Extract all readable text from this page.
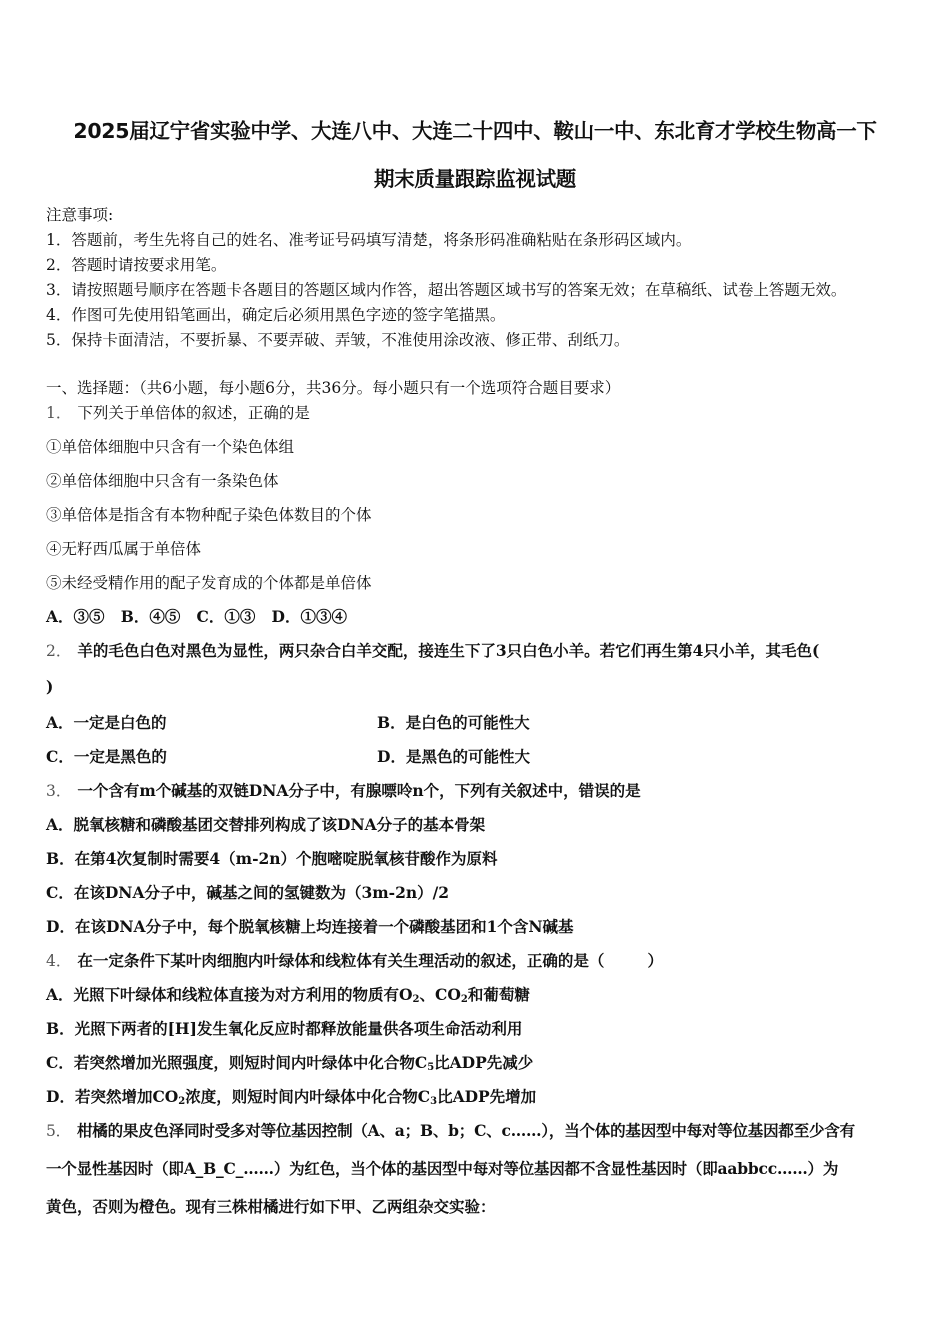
2025届辽宁省实验中学、大连八中、大连二十四中、鞍山一中、东北育才学校生物高一下
期末质量跟踪监视试题
注意事项:
1．答题前，考生先将自己的姓名、准考证号码填写清楚，将条形码准确粘贴在条形码区域内。
2．答题时请按要求用笔。
3．请按照题号顺序在答题卡各题目的答题区域内作答，超出答题区域书写的答案无效；在草稿纸、试卷上答题无效。
4．作图可先使用铅笔画出，确定后必须用黑色字迹的签字笔描黑。
5．保持卡面清洁，不要折暴、不要弄破、弄皱，不准使用涂改液、修正带、刮纸刀。
一、选择题：（共6小题，每小题6分，共36分。每小题只有一个选项符合题目要求）
1． 下列关于单倍体的叙述，正确的是
①单倍体细胞中只含有一个染色体组
②单倍体细胞中只含有一条染色体
③单倍体是指含有本物种配子染色体数目的个体
④无籽西瓜属于单倍体
⑤未经受精作用的配子发育成的个体都是单倍体
A．③⑤   B．④⑤   C．①③   D．①③④
2． 羊的毛色白色对黑色为显性，两只杂合白羊交配，接连生下了3只白色小羊。若它们再生第4只小羊，其毛色(
)
A．一定是白色的	B．是白色的可能性大
C．一定是黑色的	D．是黑色的可能性大
3． 一个含有m个碱基的双链DNA分子中，有腺嘌呤n个，下列有关叙述中，错误的是
A．脱氧核糖和磷酸基团交替排列构成了该DNA分子的基本骨架
B．在第4次复制时需要4（m-2n）个胞嘧啶脱氧核苷酸作为原料
C．在该DNA分子中，碱基之间的氢键数为（3m-2n）/2
D．在该DNA分子中，每个脱氧核糖上均连接着一个磷酸基团和1个含N碱基
4． 在一定条件下某叶肉细胞内叶绿体和线粒体有关生理活动的叙述，正确的是（        ）
A．光照下叶绿体和线粒体直接为对方利用的物质有$O_2$、$CO_2$和葡萄糖
B．光照下两者的[H]发生氧化反应时都释放能量供各项生命活动利用
C．若突然增加光照强度，则短时间内叶绿体中化合物$C_5$比ADP先减少
D．若突然增加$CO_2$浓度，则短时间内叶绿体中化合物$C_3$比ADP先增加
5． 柑橘的果皮色泽同时受多对等位基因控制（A、a；B、b；C、c……），当个体的基因型中每对等位基因都至少含有
一个显性基因时（即A_B_C_……）为红色，当个体的基因型中每对等位基因都不含显性基因时（即aabbcc……）为
黄色，否则为橙色。现有三株柑橘进行如下甲、乙两组杂交实验：
